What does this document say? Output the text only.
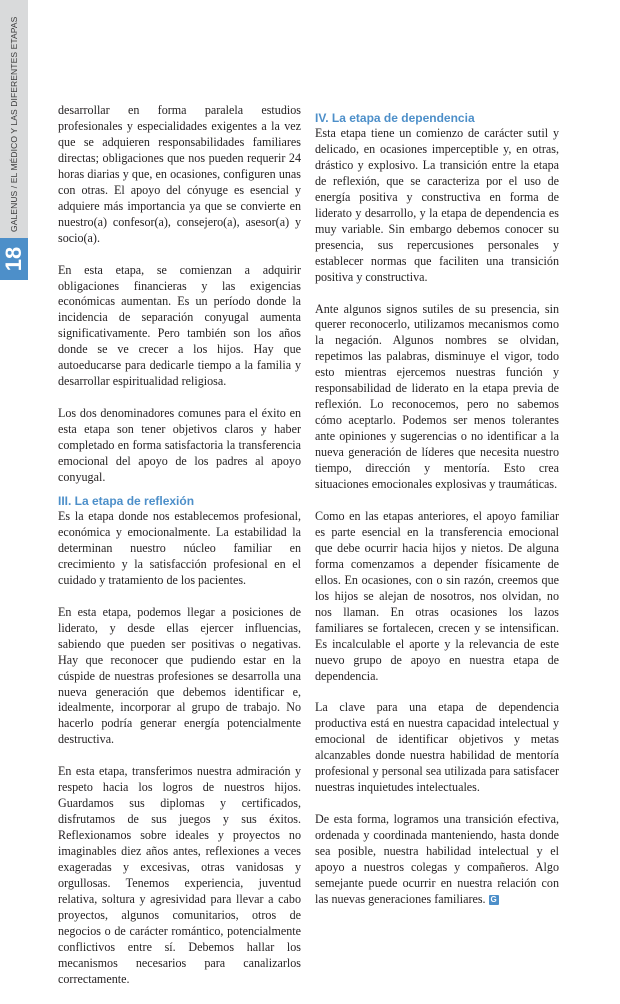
GALENUS / EL MÉDICO Y LAS DIFERENTES ETAPAS
18

desarrollar en forma paralela estudios profesionales y especialidades exigentes a la vez que se adquieren responsabilidades familiares directas; obligaciones que nos pueden requerir 24 horas diarias y que, en ocasiones, configuren unas con otras. El apoyo del cónyuge es esencial y adquiere más importancia ya que se convierte en nuestro(a) confesor(a), consejero(a), asesor(a) y socio(a).

En esta etapa, se comienzan a adquirir obligaciones financieras y las exigencias económicas aumentan. Es un período donde la incidencia de separación conyugal aumenta significativamente. Pero también son los años donde se ve crecer a los hijos. Hay que autoeducarse para dedicarle tiempo a la familia y desarrollar espiritualidad religiosa.

Los dos denominadores comunes para el éxito en esta etapa son tener objetivos claros y haber completado en forma satisfactoria la transferencia emocional del apoyo de los padres al apoyo conyugal.

III. La etapa de reflexión

Es la etapa donde nos establecemos profesional, económica y emocionalmente. La estabilidad la determinan nuestro núcleo familiar en crecimiento y la satisfacción profesional en el cuidado y tratamiento de los pacientes.

En esta etapa, podemos llegar a posiciones de liderato, y desde ellas ejercer influencias, sabiendo que pueden ser positivas o negativas. Hay que reconocer que pudiendo estar en la cúspide de nuestras profesiones se desarrolla una nueva generación que debemos identificar e, idealmente, incorporar al grupo de trabajo. No hacerlo podría generar energía potencialmente destructiva.

En esta etapa, transferimos nuestra admiración y respeto hacia los logros de nuestros hijos. Guardamos sus diplomas y certificados, disfrutamos de sus juegos y sus éxitos. Reflexionamos sobre ideales y proyectos no imaginables diez años antes, reflexiones a veces exageradas y excesivas, otras vanidosas y orgullosas. Tenemos experiencia, juventud relativa, soltura y agresividad para llevar a cabo proyectos, algunos comunitarios, otros de negocios o de carácter romántico, potencialmente conflictivos entre sí. Debemos hallar los mecanismos necesarios para canalizarlos correctamente.

IV. La etapa de dependencia

Esta etapa tiene un comienzo de carácter sutil y delicado, en ocasiones imperceptible y, en otras, drástico y explosivo. La transición entre la etapa de reflexión, que se caracteriza por el uso de energía positiva y constructiva en forma de liderato y desarrollo, y la etapa de dependencia es muy variable. Sin embargo debemos conocer su presencia, sus repercusiones personales y establecer normas que faciliten una transición positiva y constructiva.

Ante algunos signos sutiles de su presencia, sin querer reconocerlo, utilizamos mecanismos como la negación. Algunos nombres se olvidan, repetimos las palabras, disminuye el vigor, todo esto mientras ejercemos nuestras función y responsabilidad de liderato en la etapa previa de reflexión. Lo reconocemos, pero no sabemos cómo aceptarlo. Podemos ser menos tolerantes ante opiniones y sugerencias o no identificar a la nueva generación de líderes que necesita nuestro tiempo, dirección y mentoría. Esto crea situaciones emocionales explosivas y traumáticas.

Como en las etapas anteriores, el apoyo familiar es parte esencial en la transferencia emocional que debe ocurrir hacia hijos y nietos. De alguna forma comenzamos a depender físicamente de ellos. En ocasiones, con o sin razón, creemos que los hijos se alejan de nosotros, nos olvidan, no nos llaman. En otras ocasiones los lazos familiares se fortalecen, crecen y se intensifican. Es incalculable el aporte y la relevancia de este nuevo grupo de apoyo en nuestra etapa de dependencia.

La clave para una etapa de dependencia productiva está en nuestra capacidad intelectual y emocional de identificar objetivos y metas alcanzables donde nuestra habilidad de mentoría profesional y personal sea utilizada para satisfacer nuestras inquietudes intelectuales.

De esta forma, logramos una transición efectiva, ordenada y coordinada manteniendo, hasta donde sea posible, nuestra habilidad intelectual y el apoyo a nuestros colegas y compañeros. Algo semejante puede ocurrir en nuestra relación con las nuevas generaciones familiares. G
